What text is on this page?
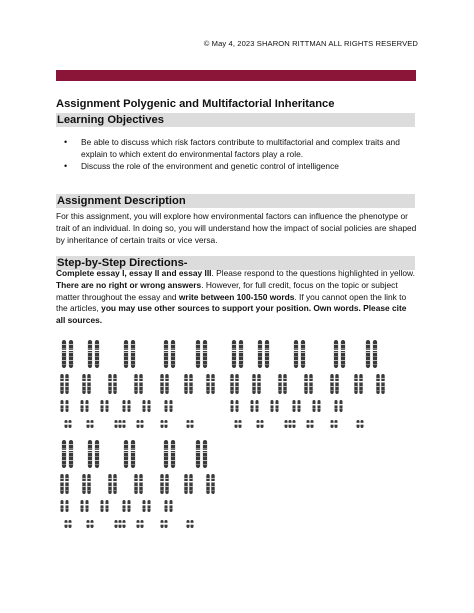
© May 4, 2023 SHARON RITTMAN ALL RIGHTS RESERVED
Assignment Polygenic and Multifactorial Inheritance
Learning Objectives
• Be able to discuss which risk factors contribute to multifactorial and complex traits and explain to which extent do environmental factors play a role.
• Discuss the role of the environment and genetic control of intelligence
Assignment Description
For this assignment, you will explore how environmental factors can influence the phenotype or trait of an individual. In doing so, you will understand how the impact of social policies are shaped by inheritance of certain traits or vice versa.
Step-by-Step Directions-
Complete essay I, essay II and essay III. Please respond to the questions highlighted in yellow. There are no right or wrong answers. However, for full credit, focus on the topic or subject matter throughout the essay and write between 100-150 words. If you cannot open the link to the articles, you may use other sources to support your position. Own words. Please cite all sources.
